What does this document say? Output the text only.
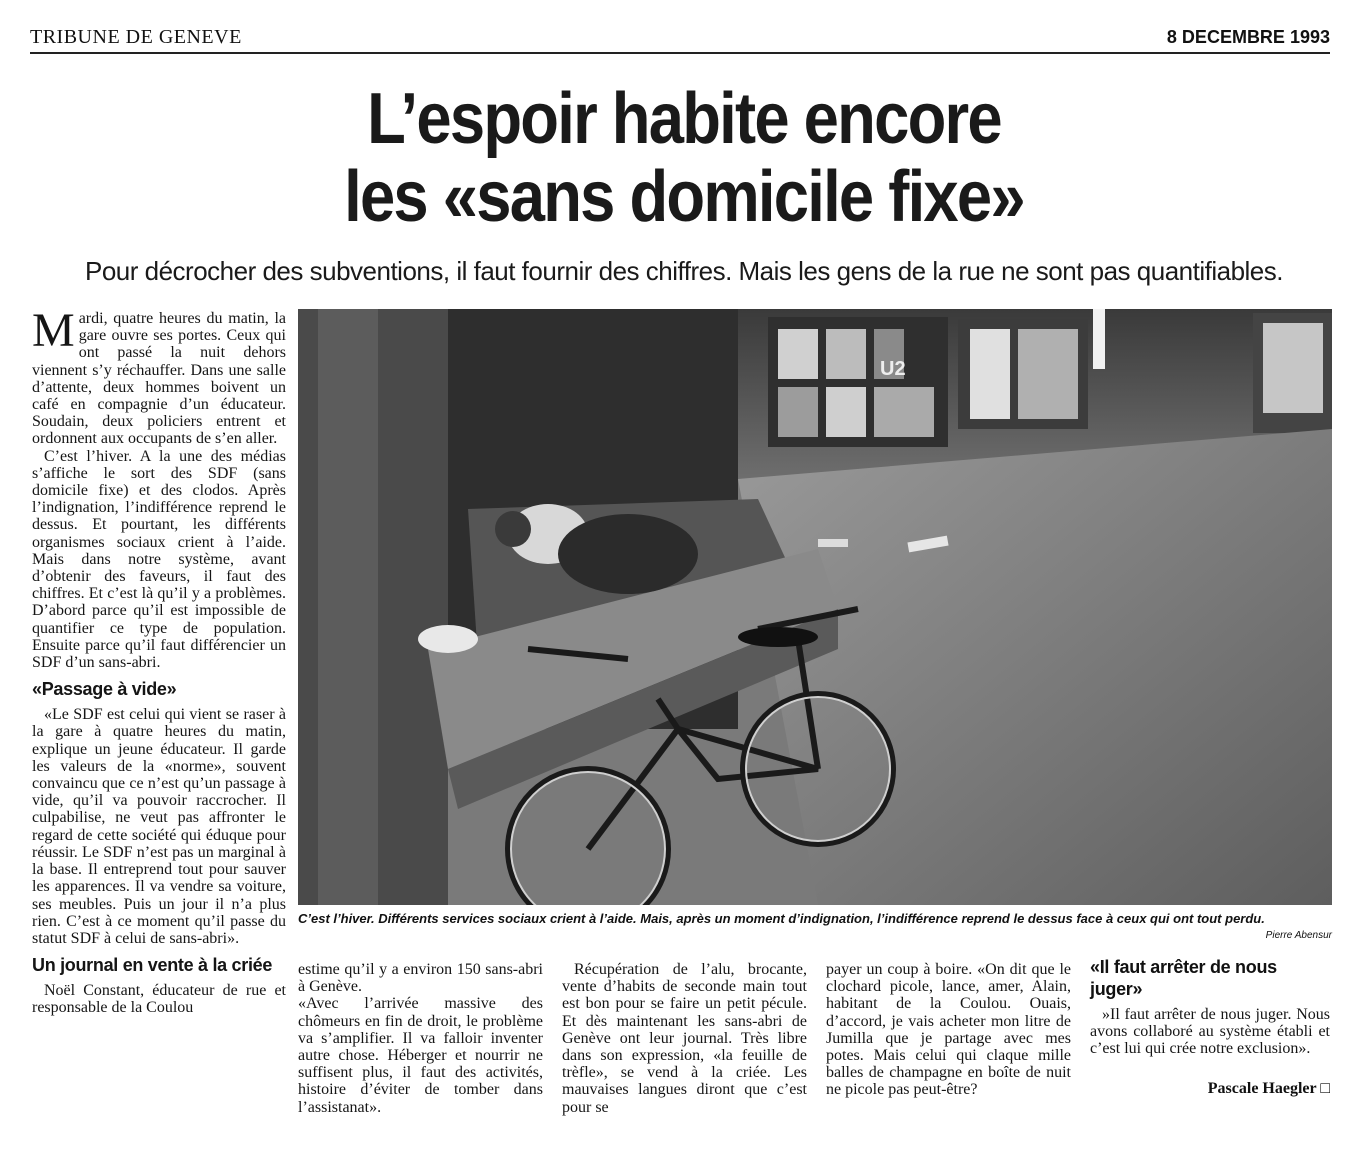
TRIBUNE DE GENEVE	8 DECEMBRE 1993
L’espoir habite encore
les «sans domicile fixe»
Pour décrocher des subventions, il faut fournir des chiffres. Mais les gens de la rue ne sont pas quantifiables.

Mardi, quatre heures du matin, la gare ouvre ses portes. Ceux qui ont passé la nuit dehors viennent s’y réchauffer. Dans une salle d’attente, deux hommes boivent un café en compagnie d’un éducateur. Soudain, deux policiers entrent et ordonnent aux occupants de s’en aller.

C’est l’hiver. A la une des médias s’affiche le sort des SDF (sans domicile fixe) et des clodos. Après l’indignation, l’indifférence reprend le dessus. Et pourtant, les différents organismes sociaux crient à l’aide. Mais dans notre système, avant d’obtenir des faveurs, il faut des chiffres. Et c’est là qu’il y a problèmes. D’abord parce qu’il est impossible de quantifier ce type de population. Ensuite parce qu’il faut différencier un SDF d’un sans-abri.

«Passage à vide»

«Le SDF est celui qui vient se raser à la gare à quatre heures du matin, explique un jeune éducateur. Il garde les valeurs de la «norme», souvent convaincu que ce n’est qu’un passage à vide, qu’il va pouvoir raccrocher. Il culpabilise, ne veut pas affronter le regard de cette société qui éduque pour réussir. Le SDF n’est pas un marginal à la base. Il entreprend tout pour sauver les apparences. Il va vendre sa voiture, ses meubles. Puis un jour il n’a plus rien. C’est à ce moment qu’il passe du statut SDF à celui de sans-abri».

Un journal en vente à la criée

Noël Constant, éducateur de rue et responsable de la Coulou

U2
C’est l’hiver. Différents services sociaux crient à l’aide. Mais, après un moment d’indignation, l’indifférence reprend le dessus face à ceux qui ont tout perdu.
Pierre Abensur

estime qu’il y a environ 150 sans-abri à Genève.

«Avec l’arrivée massive des chômeurs en fin de droit, le problème va s’amplifier. Il va falloir inventer autre chose. Héberger et nourrir ne suffisent plus, il faut des activités, histoire d’éviter de tomber dans l’assistanat».

Récupération de l’alu, brocante, vente d’habits de seconde main tout est bon pour se faire un petit pécule. Et dès maintenant les sans-abri de Genève ont leur journal. Très libre dans son expression, «la feuille de trèfle», se vend à la criée. Les mauvaises langues diront que c’est pour se

payer un coup à boire. «On dit que le clochard picole, lance, amer, Alain, habitant de la Coulou. Ouais, d’accord, je vais acheter mon litre de Jumilla que je partage avec mes potes. Mais celui qui claque mille balles de champagne en boîte de nuit ne picole pas peut-être?

«Il faut arrêter de nous juger»

»Il faut arrêter de nous juger. Nous avons collaboré au système établi et c’est lui qui crée notre exclusion».

Pascale Haegler □
